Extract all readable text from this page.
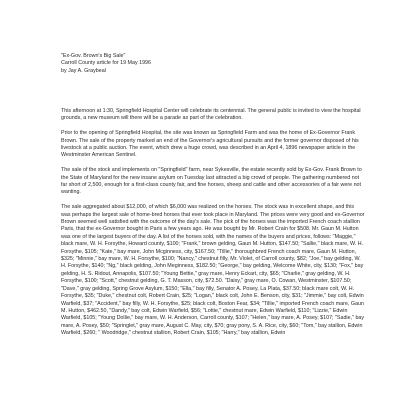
"Ex-Gov. Brown's Big Sale"
Carroll County article for 19 May 1996
by Jay A. Graybeal

This afternoon at 1:30, Springfield Hospital Center will celebrate its centennial. The general public is invited to view the hospital grounds, a new museum will there will be a parade as part of the celebration.

Prior to the opening of Springfield Hospital, the site was known as Springfield Farm and was the home of Ex-Governor Frank Brown. The sale of the property marked an end of the Governor's agricultural pursuits and the former governor disposed of his livestock at a public auction. The event, which drew a huge crowd, was described in an April 4, 1896 newspaper article in the Westminster American Sentinel.

The sale of the stock and implements on "Springfield" farm, near Sykesville, the estate recently sold by Ex-Gov. Frank Brown to the State of Maryland for the new insane asylum on Tuesday last attracted a big crowd of people. The gathering numbered not far short of 2,500, enough for a first-class county fair, and fine horses, sheep and cattle and other accessories of a fair were not wanting.

The sale aggregated about $12,000, of which $6,000 was realized on the horses. The stock was in excellent shape, and this was perhaps the largest sale of home-bred horses that ever took place in Maryland. The prices were very good and ex-Governor Brown seemed well satisfied with the outcome of the day's sale. The pick of the horses was the imported French coach stallion Paris, that the ex-Governor bought in Paris a few years ago. He was bought by Mr. Robert Crain for $508. Mr. Gaun M. Hutton was one of the largest buyers of the day. A list of the horses sold, with the names of the buyers and prices, follows: "Maggie," black mare, W. H. Forsythe, Howard county, $100; "Frank," brown gelding, Gaun M. Hutton, $147.50; "Sallie," black mare, W. H. Forsythe, $105; "Kate," bay mare, John Mcginness, city, $167.50; "Tillie," thoroughbred French coach mare, Gaun M. Hutton, $325; "Minnie," bay mare, W. H. Forsythe, $100; "Nancy," chestnut filly, Mr. Violet, of Carroll county, $82; "Joe," bay gelding, W. H. Forsythe, $140; "Ng," black gelding, John Meginness, $182.50; "George," bay gelding, Welcome White, city, $130; "Fox," bay gelding, H. S. Ridout, Annapolis, $107.50; "Young Bettie," gray mare, Henry Eckart, city, $65; "Charlie," gray gelding, W. H. Forsythe, $100; "Scott," chestnut gelding, G. T. Masson, city, $72.50. "Daisy," gray mare, O. Cowan, Westminster, $107.50; "Dave," gray gelding, Spring Grove Asylum, $150; "Ella," bay filly, Senator A. Posey, La Plata, $37.50; black mare colt, W. H. Forsythe, $35; "Duke," chestnut colt, Robert Crain, $25; "Logan," black colt, John E. Benson, city, $31; "Jimmie," bay colt, Edwin Warfield, $37; "Accident," bay filly, W. H. Forsythe, $25; black colt, Boston Fear, $34; "Tillie," imported French coach mare, Gaun M. Hutton, $462.50, "Dandy," bay colt, Edwin Warfield, $56; "Lottie," chestnut mare, Edwin Warfield, $110; "Lizzie," Edwin Warfield, $105; "Young Dollie," bay mare, W. H. Anderson, Carroll county, $107; "Helen," bay mare, A. Posey, $107; "Sadie," bay mare, A. Posey, $50; "Springlet," gray mare, August C. May, city, $70; gray pony, S. A. Rice, city, $60; "Tom," bay stallion, Edwin Warfield, $260; " Woodridge," chestnut stallion, Robert Crain, $105; "Harry," bay stallion, Edwin
